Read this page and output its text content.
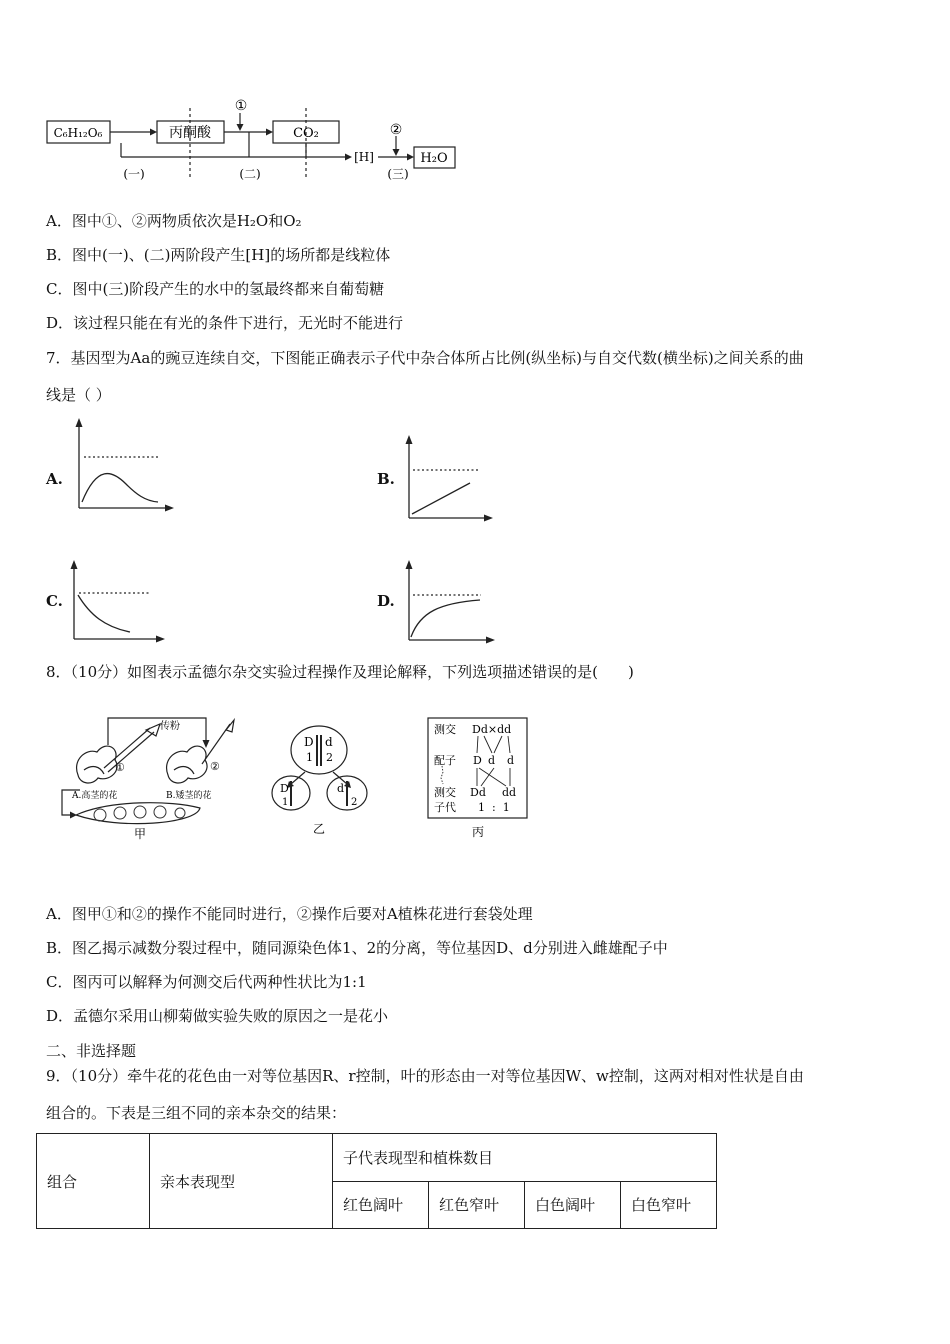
C₆H₁₂O₆	丙酮酸	CO₂
[H]	H₂O
①
②
(一)	(二)	(三)
A．图中①、②两物质依次是H₂O和O₂
B．图中(一)、(二)两阶段产生[H]的场所都是线粒体
C．图中(三)阶段产生的水中的氢最终都来自葡萄糖
D．该过程只能在有光的条件下进行，无光时不能进行
7．基因型为Aa的豌豆连续自交，下图能正确表示子代中杂合体所占比例(纵坐标)与自交代数(横坐标)之间关系的曲
线是（ ）
A.	B.
C.	D.
8．（10分）如图表示孟德尔杂交实验过程操作及理论解释，下列选项描述错误的是(　　)
传粉
①	②
A.高茎的花	B.矮茎的花
甲
D
1
d
2
D
1
d
2
乙
测交 Dd×dd
配子 D d d
测交
子代
Dd dd
1  :  1
丙
A．图甲①和②的操作不能同时进行，②操作后要对A植株花进行套袋处理
B．图乙揭示减数分裂过程中，随同源染色体1、2的分离，等位基因D、d分别进入雌雄配子中
C．图丙可以解释为何测交后代两种性状比为1:1
D．孟德尔采用山柳菊做实验失败的原因之一是花小
二、非选择题
9．（10分）牵牛花的花色由一对等位基因R、r控制，叶的形态由一对等位基因W、w控制，这两对相对性状是自由
组合的。下表是三组不同的亲本杂交的结果：
组合	亲本表现型	子代表现型和植株数目			
		红色阔叶	红色窄叶	白色阔叶	白色窄叶
